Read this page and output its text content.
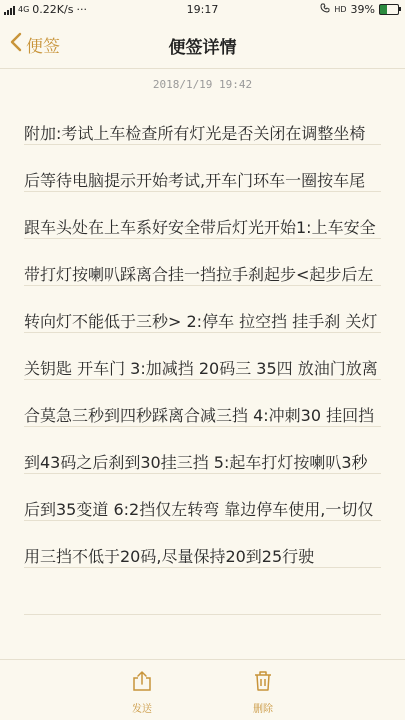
4G 0.22K/s ···	19:17	HD 39%
便签	便签详情
2018/1/19 19:42

附加:考试上车检查所有灯光是否关闭在调整坐椅后等待电脑提示开始考试,开车门环车一圈按车尾跟车头处在上车系好安全带后灯光开始1:上车安全带打灯按喇叭踩离合挂一挡拉手刹起步<起步后左转向灯不能低于三秒> 2:停车 拉空挡 挂手刹 关灯 关钥匙 开车门 3:加减挡 20码三 35四 放油门放离合莫急三秒到四秒踩离合减三挡 4:冲刺30 挂回挡到43码之后刹到30挂三挡 5:起车打灯按喇叭3秒后到35变道 6:2挡仅左转弯 靠边停车使用,一切仅用三挡不低于20码,尽量保持20到25行驶

发送	删除
